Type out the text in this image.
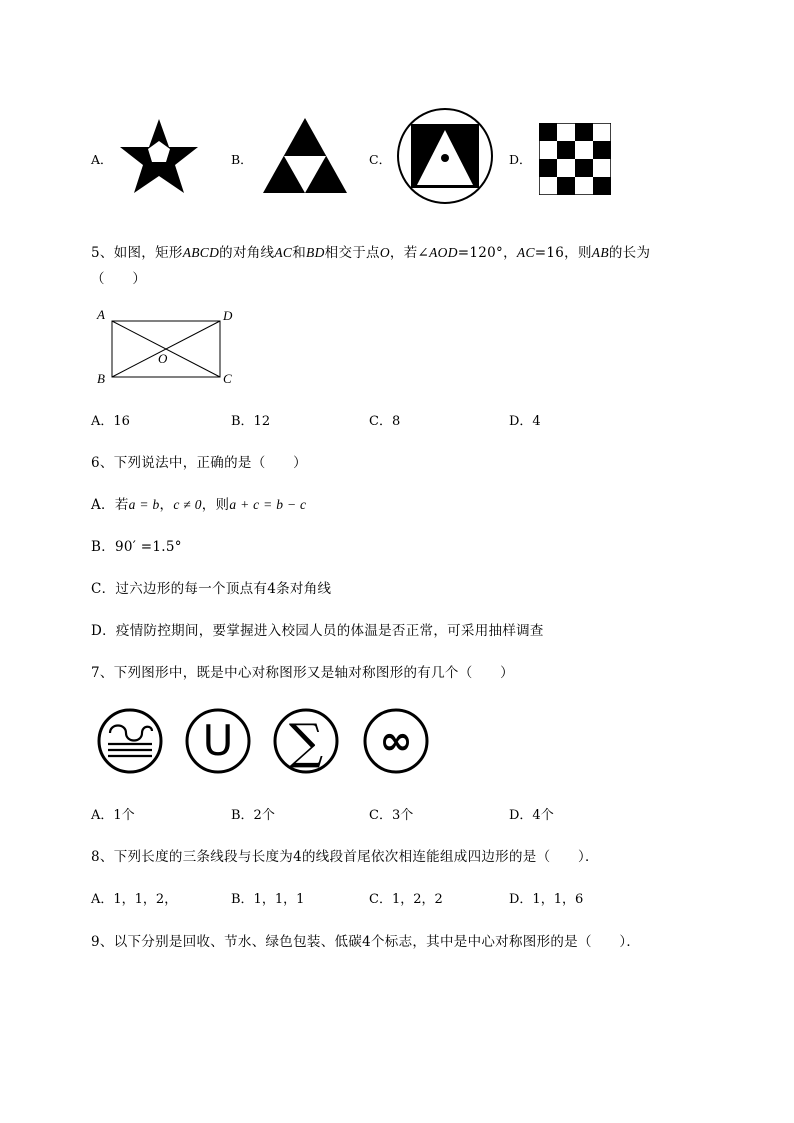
A．	B．	C．	D．
5、如图，矩形ABCD的对角线AC和BD相交于点O，若∠AOD=120°，AC=16，则AB的长为
（　　）
A	D
B	C
O
A．16	B．12	C．8	D．4
6、下列说法中，正确的是（　　）
A．若a = b，c ≠ 0，则a + c = b − c
B．90′ =1.5°
C．过六边形的每一个顶点有4条对角线
D．疫情防控期间，要掌握进入校园人员的体温是否正常，可采用抽样调查
7、下列图形中，既是中心对称图形又是轴对称图形的有几个（　　）
U ∑ ∞
A．1个	B．2个	C．3个	D．4个
8、下列长度的三条线段与长度为4的线段首尾依次相连能组成四边形的是（　　）．
A．1，1，2，	B．1，1，1	C．1，2，2	D．1，1，6
9、以下分别是回收、节水、绿色包装、低碳4个标志，其中是中心对称图形的是（　　）．
